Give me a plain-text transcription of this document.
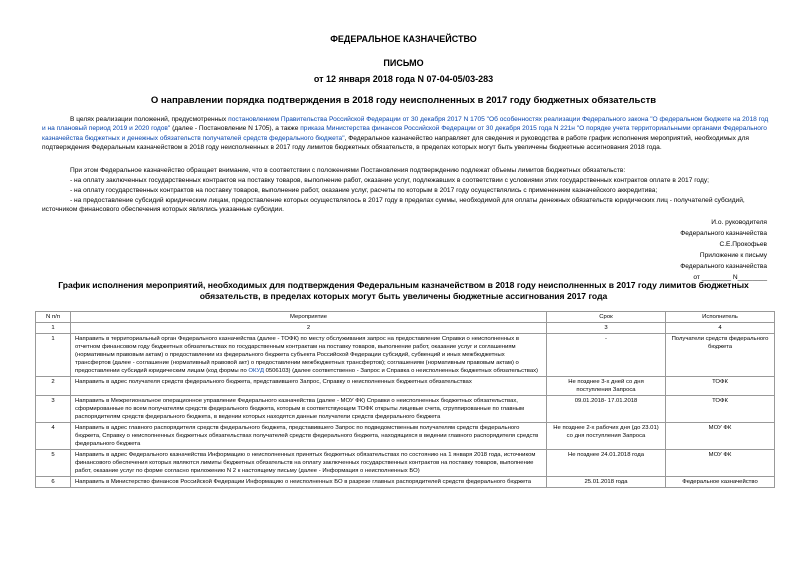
ФЕДЕРАЛЬНОЕ КАЗНАЧЕЙСТВО
ПИСЬМО
от 12 января 2018 года N 07-04-05/03-283
О направлении порядка подтверждения в 2018 году неисполненных в 2017 году бюджетных обязательств

В целях реализации положений, предусмотренных постановлением Правительства Российской Федерации от 30 декабря 2017 N 1705 "Об особенностях реализации Федерального закона "О федеральном бюджете на 2018 год и на плановый период 2019 и 2020 годов" (далее - Постановление N 1705), а также приказа Министерства финансов Российской Федерации от 30 декабря 2015 года N 221н "О порядке учета территориальными органами Федерального казначейства бюджетных и денежных обязательств получателей средств федерального бюджета", Федеральное казначейство направляет для сведения и руководства в работе график исполнения мероприятий, необходимых для подтверждения Федеральным казначейством в 2018 году неисполненных в 2017 году лимитов бюджетных обязательств, в пределах которых могут быть увеличены бюджетные ассигнования 2018 года.

При этом Федеральное казначейство обращает внимание, что в соответствии с положениями Постановления подтверждению подлежат объемы лимитов бюджетных обязательств:

- на оплату заключенных государственных контрактов на поставку товаров, выполнение работ, оказание услуг, подлежавших в соответствии с условиями этих государственных контрактов оплате в 2017 году;

- на оплату государственных контрактов на поставку товаров, выполнение работ, оказание услуг, расчеты по которым в 2017 году осуществлялись с применением казначейского аккредитива;

- на предоставление субсидий юридическим лицам, предоставление которых осуществлялось в 2017 году в пределах суммы, необходимой для оплаты денежных обязательств юридических лиц - получателей субсидий, источником финансового обеспечения которых являлись указанные субсидии.

И.о. руководителя
Федерального казначейства
С.Е.Прокофьев
Приложение к письму
Федерального казначейства
от ________ N________
График исполнения мероприятий, необходимых для подтверждения Федеральным казначейством в 2018 году неисполненных в 2017 году лимитов бюджетных обязательств, в пределах которых могут быть увеличены бюджетные ассигнования 2017 года
N п/п	Мероприятие	Срок	Исполнитель
1	2	3	4
1	Направить в территориальный орган Федерального казначейства (далее - ТОФК) по месту обслуживания запрос на предоставление Справки о неисполненных в отчетном финансовом году бюджетных обязательствах по государственным контрактам на поставку товаров, выполнение работ, оказание услуг и соглашениям (нормативным правовым актам) о предоставлении из федерального бюджета субъекта Российской Федерации субсидий, субвенций и иных межбюджетных трансфертов (далее - соглашение (нормативный правовой акт) о предоставлении межбюджетных трансфертов); соглашениям (нормативным правовым актам) о предоставлении субсидий юридическим лицам (код формы по ОКУД 0506103) (далее соответственно - Запрос и Справка о неисполненных бюджетных обязательствах)	-	Получатели средств федерального бюджета
2	Направить в адрес получателя средств федерального бюджета, представившего Запрос, Справку о неисполненных бюджетных обязательствах	Не позднее 3-х дней со дня поступления Запроса	ТОФК
3	Направить в Межрегиональное операционное управление Федерального казначейства (далее - МОУ ФК) Справки о неисполненных бюджетных обязательствах, сформированные по всем получателям средств федерального бюджета, которым в соответствующем ТОФК открыты лицевые счета, сгруппированные по главным распорядителям средств федерального бюджета, в ведении которых находятся данные получатели средств федерального бюджета	09.01.2018- 17.01.2018	ТОФК
4	Направить в адрес главного распорядителя средств федерального бюджета, представившего Запрос по подведомственным получателям средств федерального бюджета, Справку о неисполненных бюджетных обязательствах получателей средств федерального бюджета, находящихся в ведении главного распорядителя средств федерального бюджета	Не позднее 2-х рабочих дня (до 23.01) со дня поступления Запроса	МОУ ФК
5	Направить в адрес Федерального казначейства Информацию о неисполненных принятых бюджетных обязательствах по состоянию на 1 января 2018 года, источником финансового обеспечения которых являются лимиты бюджетных обязательств на оплату заключенных государственных контрактов на поставку товаров, выполнение работ, оказание услуг по форме согласно приложению N 2 к настоящему письму (далее - Информация о неисполненных БО)	Не позднее 24.01.2018 года	МОУ ФК
6	Направить в Министерство финансов Российской Федерации Информацию о неисполненных БО в разрезе главных распорядителей средств федерального бюджета	25.01.2018 года	Федеральное казначейство
